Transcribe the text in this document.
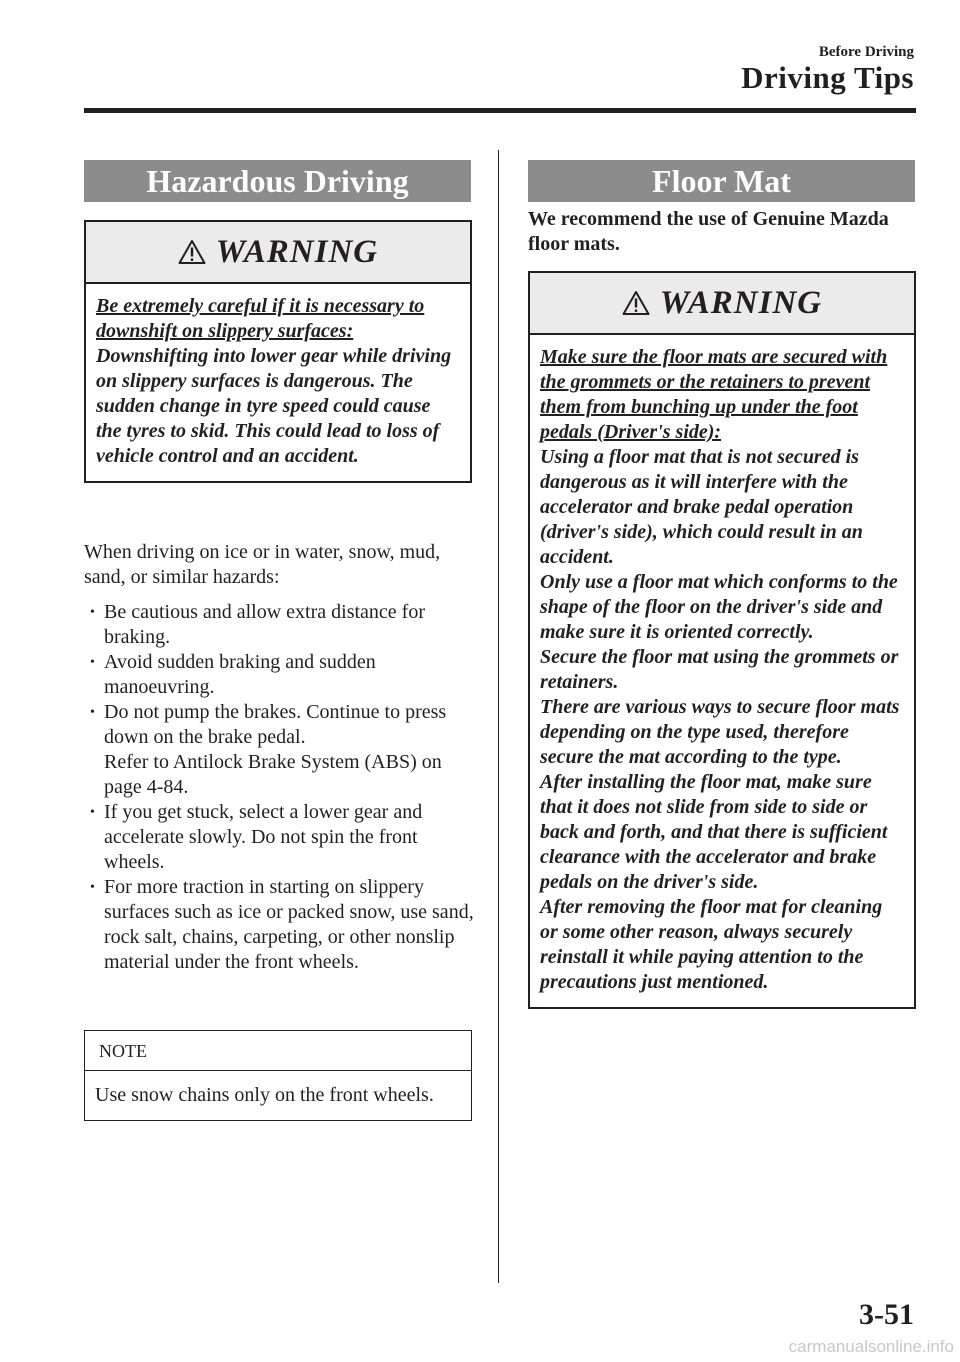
Before Driving
Driving Tips
Hazardous Driving
WARNING
Be extremely careful if it is necessary to downshift on slippery surfaces:
Downshifting into lower gear while driving on slippery surfaces is dangerous. The sudden change in tyre speed could cause the tyres to skid. This could lead to loss of vehicle control and an accident.
When driving on ice or in water, snow, mud, sand, or similar hazards:
• Be cautious and allow extra distance for braking.
• Avoid sudden braking and sudden manoeuvring.
• Do not pump the brakes. Continue to press down on the brake pedal.
Refer to Antilock Brake System (ABS) on page 4-84.
• If you get stuck, select a lower gear and accelerate slowly. Do not spin the front wheels.
• For more traction in starting on slippery surfaces such as ice or packed snow, use sand, rock salt, chains, carpeting, or other nonslip material under the front wheels.
NOTE
Use snow chains only on the front wheels.
Floor Mat
We recommend the use of Genuine Mazda floor mats.
WARNING
Make sure the floor mats are secured with the grommets or the retainers to prevent them from bunching up under the foot pedals (Driver's side):
Using a floor mat that is not secured is dangerous as it will interfere with the accelerator and brake pedal operation (driver's side), which could result in an accident.
Only use a floor mat which conforms to the shape of the floor on the driver's side and make sure it is oriented correctly.
Secure the floor mat using the grommets or retainers.
There are various ways to secure floor mats depending on the type used, therefore secure the mat according to the type.
After installing the floor mat, make sure that it does not slide from side to side or back and forth, and that there is sufficient clearance with the accelerator and brake pedals on the driver's side.
After removing the floor mat for cleaning or some other reason, always securely reinstall it while paying attention to the precautions just mentioned.
3-51
carmanualsonline.info
